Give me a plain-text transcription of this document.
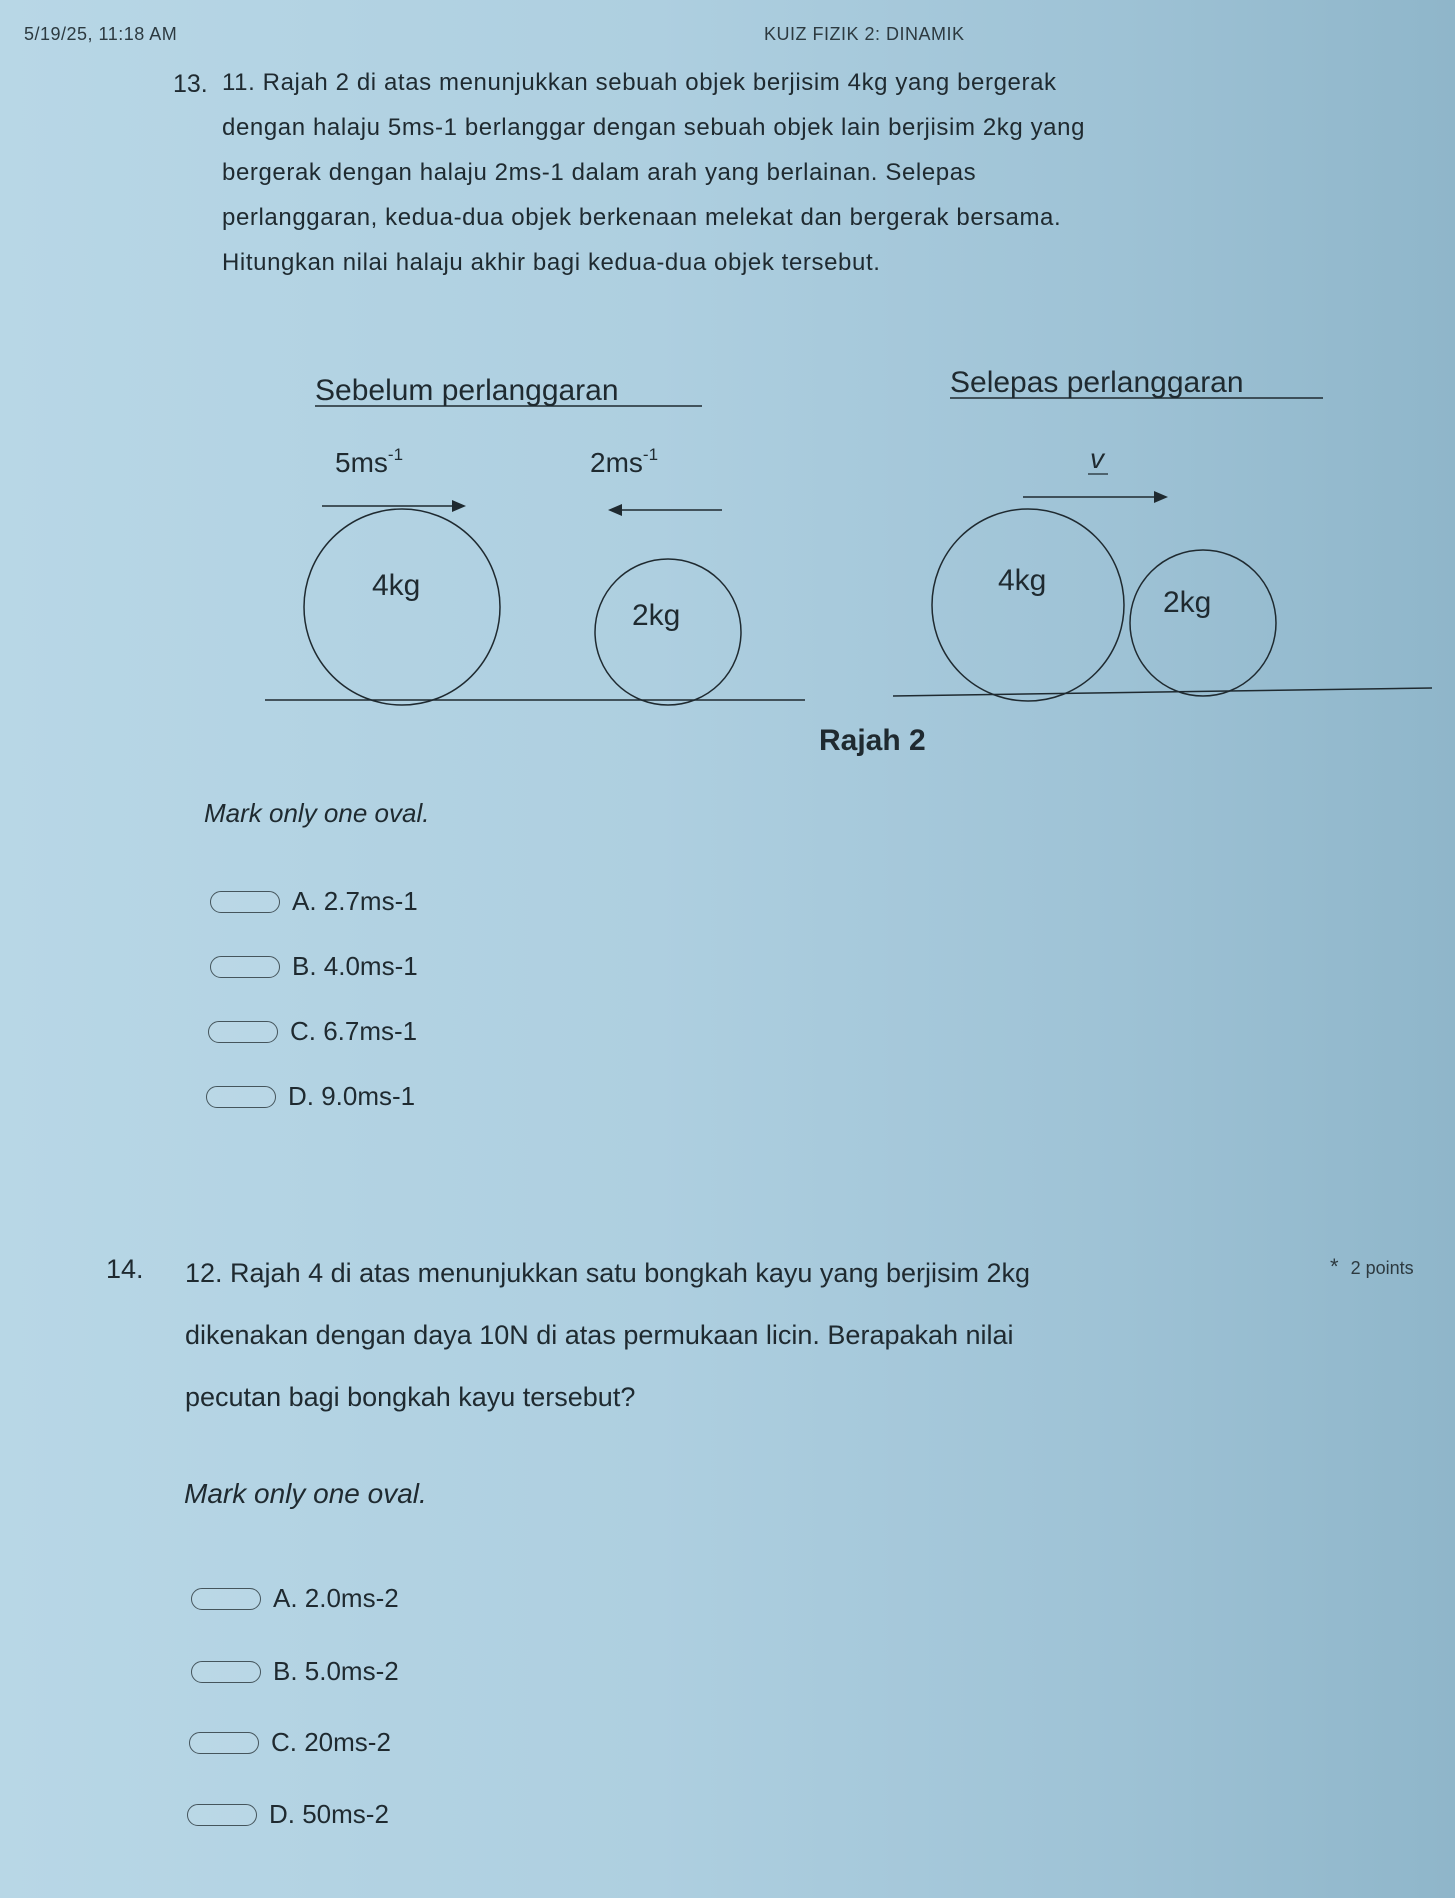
5/19/25, 11:18 AM	KUIZ FIZIK 2: DINAMIK
13. 11. Rajah 2 di atas menunjukkan sebuah objek berjisim 4kg yang bergerak
dengan halaju 5ms-1 berlanggar dengan sebuah objek lain berjisim 2kg yang
bergerak dengan halaju 2ms-1 dalam arah yang berlainan. Selepas
perlanggaran, kedua-dua objek berkenaan melekat dan bergerak bersama.
Hitungkan nilai halaju akhir bagi kedua-dua objek tersebut.
Sebelum perlanggaran
$5ms^{-1}$	$2ms^{-1}$
4kg
2kg
Selepas perlanggaran
v
4kg
2kg
Rajah 2
Mark only one oval.
A. 2.7ms-1
B. 4.0ms-1
C. 6.7ms-1
D. 9.0ms-1
14. 12. Rajah 4 di atas menunjukkan satu bongkah kayu yang berjisim 2kg
dikenakan dengan daya 10N di atas permukaan licin. Berapakah nilai
pecutan bagi bongkah kayu tersebut?
* 2 points
Mark only one oval.
A. 2.0ms-2
B. 5.0ms-2
C. 20ms-2
D. 50ms-2
